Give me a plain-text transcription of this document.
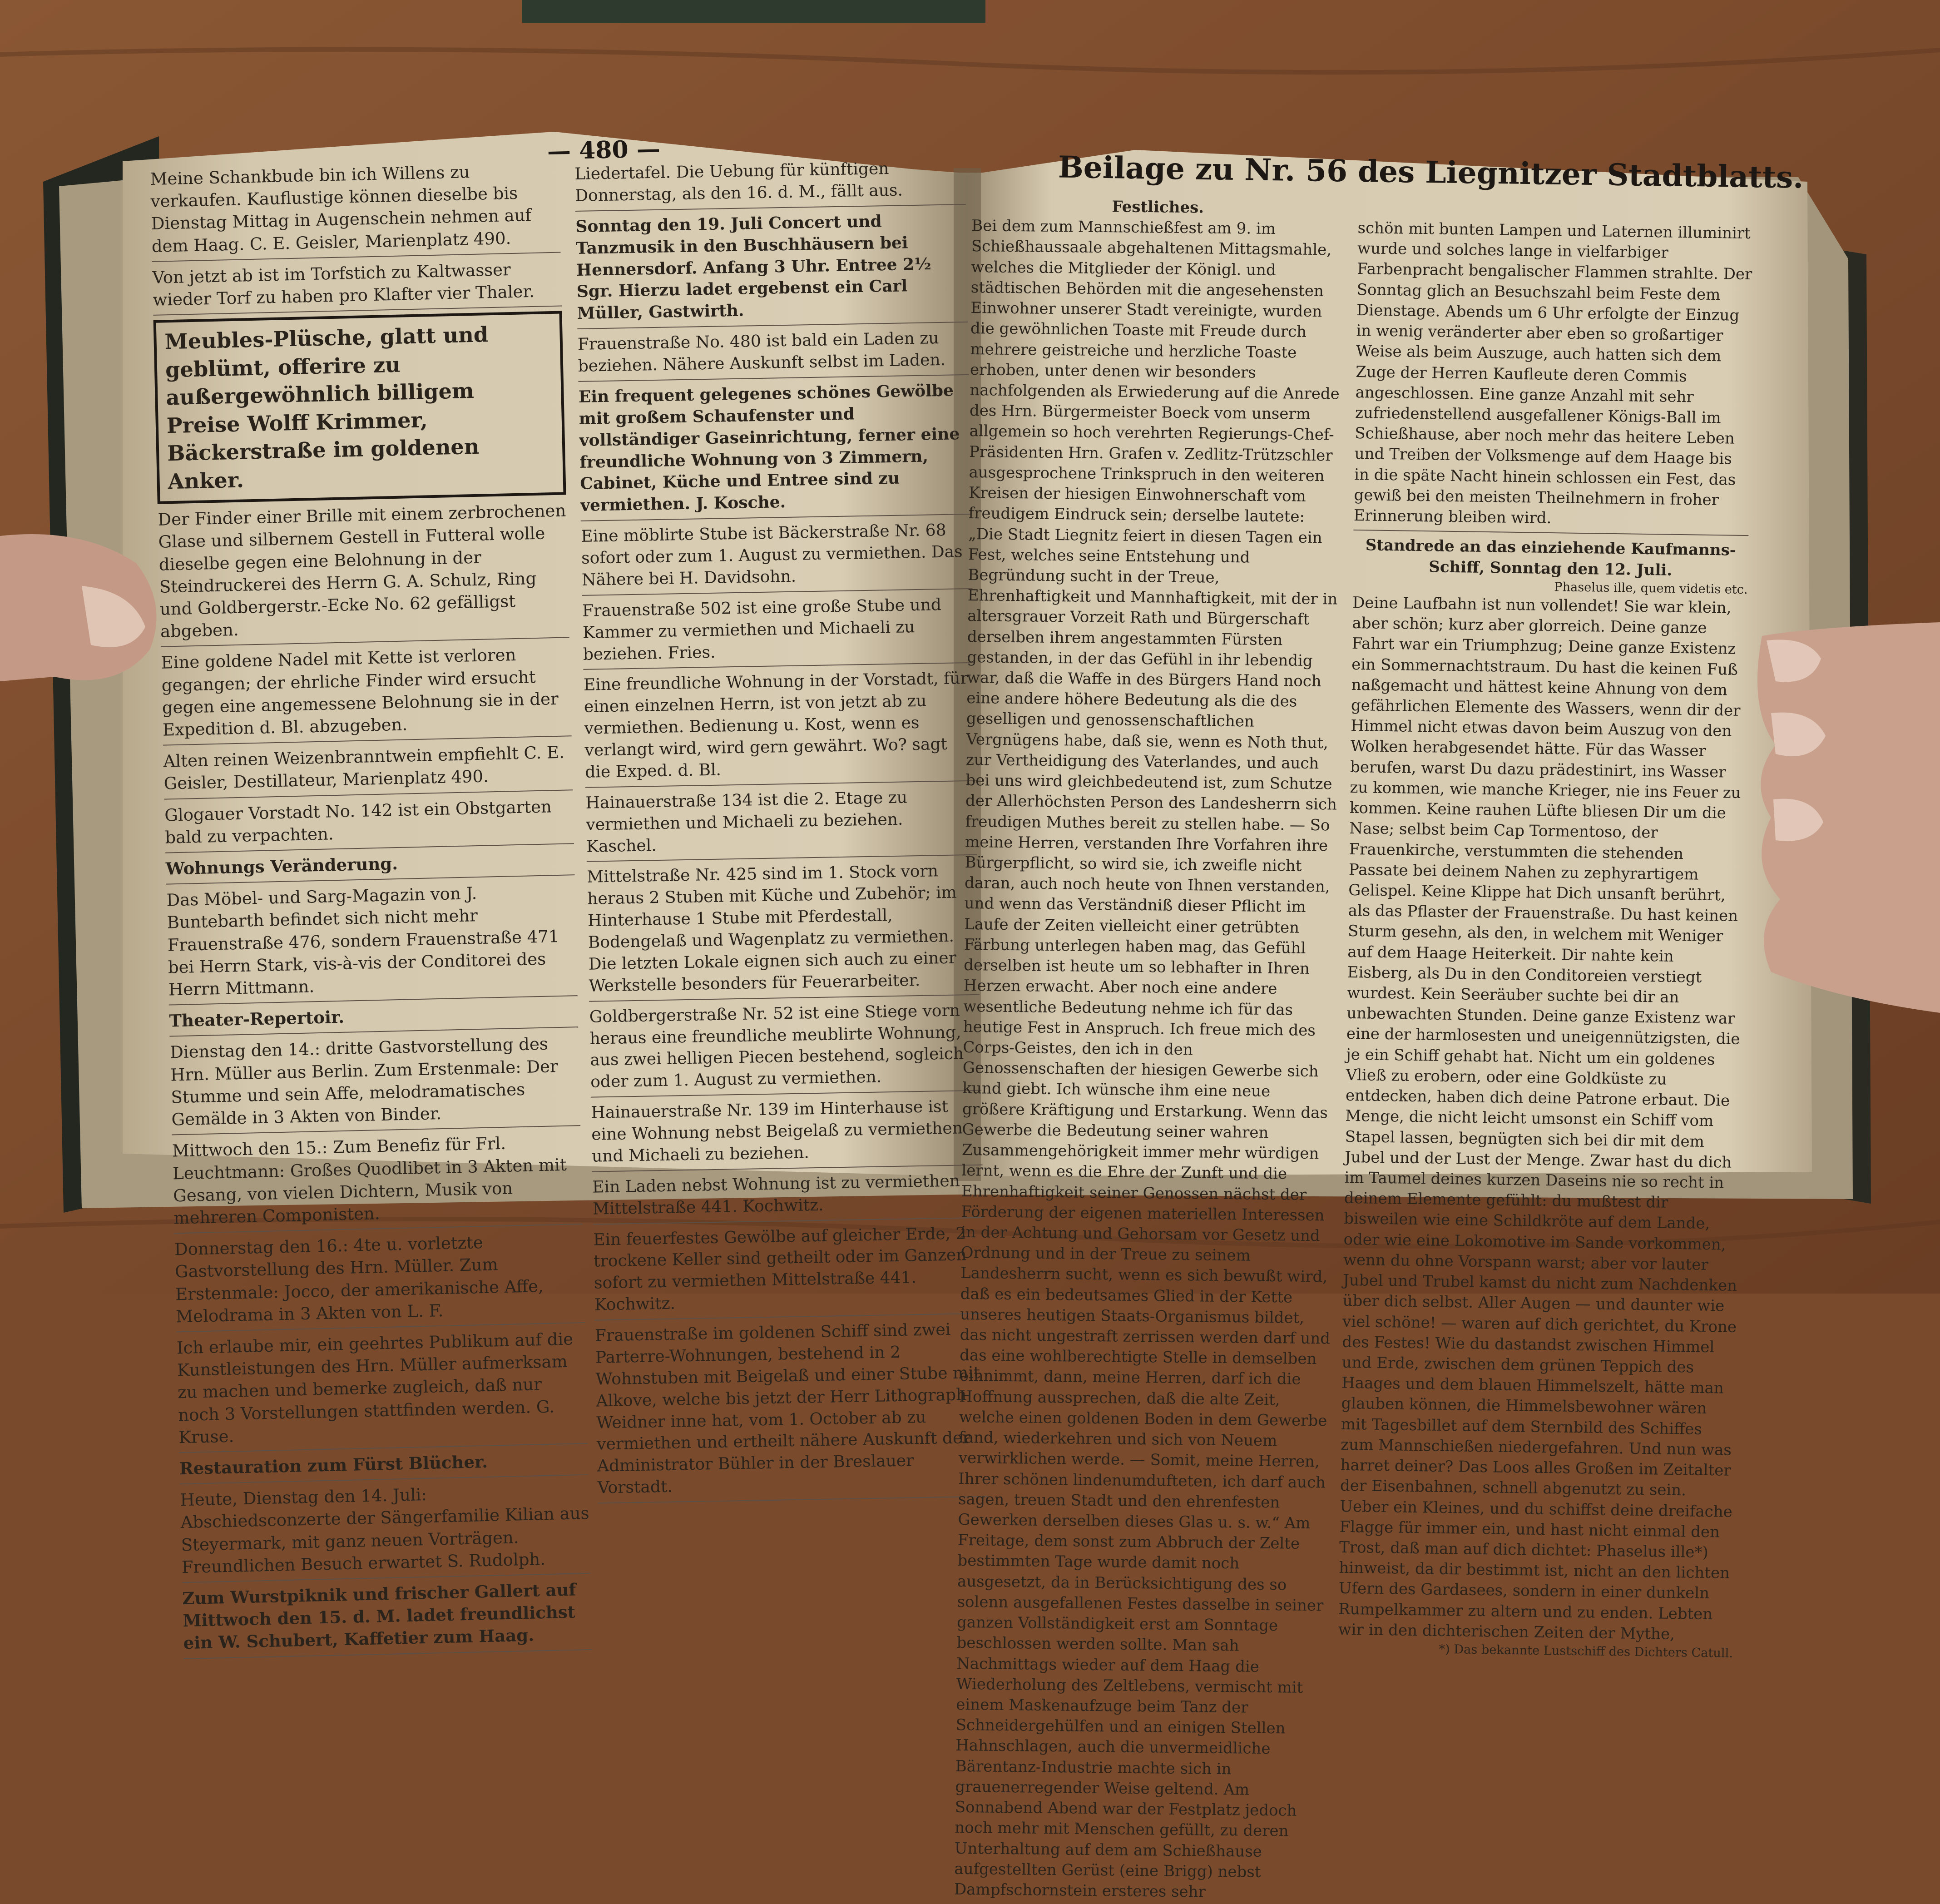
— 480 —
Meine Schankbude bin ich Willens zu verkaufen. Kauflustige können dieselbe bis Dienstag Mittag in Augenschein nehmen auf dem Haag. C. E. Geisler, Marienplatz 490.
Von jetzt ab ist im Torfstich zu Kaltwasser wieder Torf zu haben pro Klafter vier Thaler.
Meubles-Plüsche, glatt und geblümt, offerire zu außergewöhnlich billigem Preise Wolff Krimmer, Bäckerstraße im goldenen Anker.
Der Finder einer Brille mit einem zerbrochenen Glase und silbernem Gestell in Futteral wolle dieselbe gegen eine Belohnung in der Steindruckerei des Herrn G. A. Schulz, Ring und Goldbergerstr.-Ecke No. 62 gefälligst abgeben.
Eine goldene Nadel mit Kette ist verloren gegangen; der ehrliche Finder wird ersucht gegen eine angemessene Belohnung sie in der Expedition d. Bl. abzugeben.
Alten reinen Weizenbranntwein empfiehlt C. E. Geisler, Destillateur, Marienplatz 490.
Glogauer Vorstadt No. 142 ist ein Obstgarten bald zu verpachten.
Wohnungs Veränderung.
Das Möbel- und Sarg-Magazin von J. Buntebarth befindet sich nicht mehr Frauenstraße 476, sondern Frauenstraße 471 bei Herrn Stark, vis-à-vis der Conditorei des Herrn Mittmann.
Theater-Repertoir.
Dienstag den 14.: dritte Gastvorstellung des Hrn. Müller aus Berlin. Zum Erstenmale: Der Stumme und sein Affe, melodramatisches Gemälde in 3 Akten von Binder.
Mittwoch den 15.: Zum Benefiz für Frl. Leuchtmann: Großes Quodlibet in 3 Akten mit Gesang, von vielen Dichtern, Musik von mehreren Componisten.
Donnerstag den 16.: 4te u. vorletzte Gastvorstellung des Hrn. Müller. Zum Erstenmale: Jocco, der amerikanische Affe, Melodrama in 3 Akten von L. F.
Ich erlaube mir, ein geehrtes Publikum auf die Kunstleistungen des Hrn. Müller aufmerksam zu machen und bemerke zugleich, daß nur noch 3 Vorstellungen stattfinden werden. G. Kruse.
Restauration zum Fürst Blücher.
Heute, Dienstag den 14. Juli: Abschiedsconzerte der Sängerfamilie Kilian aus Steyermark, mit ganz neuen Vorträgen. Freundlichen Besuch erwartet S. Rudolph.
Zum Wurstpiknik und frischer Gallert auf Mittwoch den 15. d. M. ladet freundlichst ein W. Schubert, Kaffetier zum Haag.
Liedertafel. Die Uebung für künftigen Donnerstag, als den 16. d. M., fällt aus.
Sonntag den 19. Juli Concert und Tanzmusik in den Buschhäusern bei Hennersdorf. Anfang 3 Uhr. Entree 2½ Sgr. Hierzu ladet ergebenst ein Carl Müller, Gastwirth.
Frauenstraße No. 480 ist bald ein Laden zu beziehen. Nähere Auskunft selbst im Laden.
Ein frequent gelegenes schönes Gewölbe mit großem Schaufenster und vollständiger Gaseinrichtung, ferner eine freundliche Wohnung von 3 Zimmern, Cabinet, Küche und Entree sind zu vermiethen. J. Kosche.
Eine möblirte Stube ist Bäckerstraße Nr. 68 sofort oder zum 1. August zu vermiethen. Das Nähere bei H. Davidsohn.
Frauenstraße 502 ist eine große Stube und Kammer zu vermiethen und Michaeli zu beziehen. Fries.
Eine freundliche Wohnung in der Vorstadt, für einen einzelnen Herrn, ist von jetzt ab zu vermiethen. Bedienung u. Kost, wenn es verlangt wird, wird gern gewährt. Wo? sagt die Exped. d. Bl.
Hainauerstraße 134 ist die 2. Etage zu vermiethen und Michaeli zu beziehen. Kaschel.
Mittelstraße Nr. 425 sind im 1. Stock vorn heraus 2 Stuben mit Küche und Zubehör; im Hinterhause 1 Stube mit Pferdestall, Bodengelaß und Wagenplatz zu vermiethen. Die letzten Lokale eignen sich auch zu einer Werkstelle besonders für Feuerarbeiter.
Goldbergerstraße Nr. 52 ist eine Stiege vorn heraus eine freundliche meublirte Wohnung, aus zwei helligen Piecen bestehend, sogleich oder zum 1. August zu vermiethen.
Hainauerstraße Nr. 139 im Hinterhause ist eine Wohnung nebst Beigelaß zu vermiethen und Michaeli zu beziehen.
Ein Laden nebst Wohnung ist zu vermiethen Mittelstraße 441. Kochwitz.
Ein feuerfestes Gewölbe auf gleicher Erde, 2 trockene Keller sind getheilt oder im Ganzen sofort zu vermiethen Mittelstraße 441. Kochwitz.
Frauenstraße im goldenen Schiff sind zwei Parterre-Wohnungen, bestehend in 2 Wohnstuben mit Beigelaß und einer Stube mit Alkove, welche bis jetzt der Herr Lithograph Weidner inne hat, vom 1. October ab zu vermiethen und ertheilt nähere Auskunft der Administrator Bühler in der Breslauer Vorstadt.
Beilage zu Nr. 56 des Liegnitzer Stadtblatts.
Festliches.
Bei dem zum Mannschießfest am 9. im Schießhaussaale abgehaltenen Mittagsmahle, welches die Mitglieder der Königl. und städtischen Behörden mit die angesehensten Einwohner unserer Stadt vereinigte, wurden die gewöhnlichen Toaste mit Freude durch mehrere geistreiche und herzliche Toaste erhoben, unter denen wir besonders nachfolgenden als Erwiederung auf die Anrede des Hrn. Bürgermeister Boeck vom unserm allgemein so hoch verehrten Regierungs-Chef-Präsidenten Hrn. Grafen v. Zedlitz-Trützschler ausgesprochene Trinkspruch in den weiteren Kreisen der hiesigen Einwohnerschaft vom freudigem Eindruck sein; derselbe lautete: „Die Stadt Liegnitz feiert in diesen Tagen ein Fest, welches seine Entstehung und Begründung sucht in der Treue, Ehrenhaftigkeit und Mannhaftigkeit, mit der in altersgrauer Vorzeit Rath und Bürgerschaft derselben ihrem angestammten Fürsten gestanden, in der das Gefühl in ihr lebendig war, daß die Waffe in des Bürgers Hand noch eine andere höhere Bedeutung als die des geselligen und genossenschaftlichen Vergnügens habe, daß sie, wenn es Noth thut, zur Vertheidigung des Vaterlandes, und auch bei uns wird gleichbedeutend ist, zum Schutze der Allerhöchsten Person des Landesherrn sich freudigen Muthes bereit zu stellen habe. — So meine Herren, verstanden Ihre Vorfahren ihre Bürgerpflicht, so wird sie, ich zweifle nicht daran, auch noch heute von Ihnen verstanden, und wenn das Verständniß dieser Pflicht im Laufe der Zeiten vielleicht einer getrübten Färbung unterlegen haben mag, das Gefühl derselben ist heute um so lebhafter in Ihren Herzen erwacht. Aber noch eine andere wesentliche Bedeutung nehme ich für das heutige Fest in Anspruch. Ich freue mich des Corps-Geistes, den ich in den Genossenschaften der hiesigen Gewerbe sich kund giebt. Ich wünsche ihm eine neue größere Kräftigung und Erstarkung. Wenn das Gewerbe die Bedeutung seiner wahren Zusammengehörigkeit immer mehr würdigen lernt, wenn es die Ehre der Zunft und die Ehrenhaftigkeit seiner Genossen nächst der Förderung der eigenen materiellen Interessen in der Achtung und Gehorsam vor Gesetz und Ordnung und in der Treue zu seinem Landesherrn sucht, wenn es sich bewußt wird, daß es ein bedeutsames Glied in der Kette unseres heutigen Staats-Organismus bildet, das nicht ungestraft zerrissen werden darf und das eine wohlberechtigte Stelle in demselben einnimmt, dann, meine Herren, darf ich die Hoffnung aussprechen, daß die alte Zeit, welche einen goldenen Boden in dem Gewerbe fand, wiederkehren und sich von Neuem verwirklichen werde. — Somit, meine Herren, Ihrer schönen lindenumdufteten, ich darf auch sagen, treuen Stadt und den ehrenfesten Gewerken derselben dieses Glas u. s. w.“ Am Freitage, dem sonst zum Abbruch der Zelte bestimmten Tage wurde damit noch ausgesetzt, da in Berücksichtigung des so solenn ausgefallenen Festes dasselbe in seiner ganzen Vollständigkeit erst am Sonntage beschlossen werden sollte. Man sah Nachmittags wieder auf dem Haag die Wiederholung des Zeltlebens, vermischt mit einem Maskenaufzuge beim Tanz der Schneidergehülfen und an einigen Stellen Hahnschlagen, auch die unvermeidliche Bärentanz-Industrie machte sich in grauenerregender Weise geltend. Am Sonnabend Abend war der Festplatz jedoch noch mehr mit Menschen gefüllt, zu deren Unterhaltung auf dem am Schießhause aufgestellten Gerüst (eine Brigg) nebst Dampfschornstein ersteres sehr
schön mit bunten Lampen und Laternen illuminirt wurde und solches lange in vielfarbiger Farbenpracht bengalischer Flammen strahlte. Der Sonntag glich an Besuchszahl beim Feste dem Dienstage. Abends um 6 Uhr erfolgte der Einzug in wenig veränderter aber eben so großartiger Weise als beim Auszuge, auch hatten sich dem Zuge der Herren Kaufleute deren Commis angeschlossen. Eine ganze Anzahl mit sehr zufriedenstellend ausgefallener Königs-Ball im Schießhause, aber noch mehr das heitere Leben und Treiben der Volksmenge auf dem Haage bis in die späte Nacht hinein schlossen ein Fest, das gewiß bei den meisten Theilnehmern in froher Erinnerung bleiben wird.
Standrede an das einziehende Kaufmanns-Schiff, Sonntag den 12. Juli.
Phaselus ille, quem videtis etc.
Deine Laufbahn ist nun vollendet! Sie war klein, aber schön; kurz aber glorreich. Deine ganze Fahrt war ein Triumphzug; Deine ganze Existenz ein Sommernachtstraum. Du hast die keinen Fuß naßgemacht und hättest keine Ahnung von dem gefährlichen Elemente des Wassers, wenn dir der Himmel nicht etwas davon beim Auszug von den Wolken herabgesendet hätte. Für das Wasser berufen, warst Du dazu prädestinirt, ins Wasser zu kommen, wie manche Krieger, nie ins Feuer zu kommen. Keine rauhen Lüfte bliesen Dir um die Nase; selbst beim Cap Tormentoso, der Frauenkirche, verstummten die stehenden Passate bei deinem Nahen zu zephyrartigem Gelispel. Keine Klippe hat Dich unsanft berührt, als das Pflaster der Frauenstraße. Du hast keinen Sturm gesehn, als den, in welchem mit Weniger auf dem Haage Heiterkeit. Dir nahte kein Eisberg, als Du in den Conditoreien verstiegt wurdest. Kein Seeräuber suchte bei dir an unbewachten Stunden. Deine ganze Existenz war eine der harmlosesten und uneigennützigsten, die je ein Schiff gehabt hat. Nicht um ein goldenes Vließ zu erobern, oder eine Goldküste zu entdecken, haben dich deine Patrone erbaut. Die Menge, die nicht leicht umsonst ein Schiff vom Stapel lassen, begnügten sich bei dir mit dem Jubel und der Lust der Menge. Zwar hast du dich im Taumel deines kurzen Daseins nie so recht in deinem Elemente gefühlt: du mußtest dir bisweilen wie eine Schildkröte auf dem Lande, oder wie eine Lokomotive im Sande vorkommen, wenn du ohne Vorspann warst; aber vor lauter Jubel und Trubel kamst du nicht zum Nachdenken über dich selbst. Aller Augen — und daunter wie viel schöne! — waren auf dich gerichtet, du Krone des Festes! Wie du dastandst zwischen Himmel und Erde, zwischen dem grünen Teppich des Haages und dem blauen Himmelszelt, hätte man glauben können, die Himmelsbewohner wären mit Tagesbillet auf dem Sternbild des Schiffes zum Mannschießen niedergefahren. Und nun was harret deiner? Das Loos alles Großen im Zeitalter der Eisenbahnen, schnell abgenutzt zu sein. Ueber ein Kleines, und du schiffst deine dreifache Flagge für immer ein, und hast nicht einmal den Trost, daß man auf dich dichtet: Phaselus ille*) hinweist, da dir bestimmt ist, nicht an den lichten Ufern des Gardasees, sondern in einer dunkeln Rumpelkammer zu altern und zu enden. Lebten wir in den dichterischen Zeiten der Mythe,
*) Das bekannte Lustschiff des Dichters Catull.
